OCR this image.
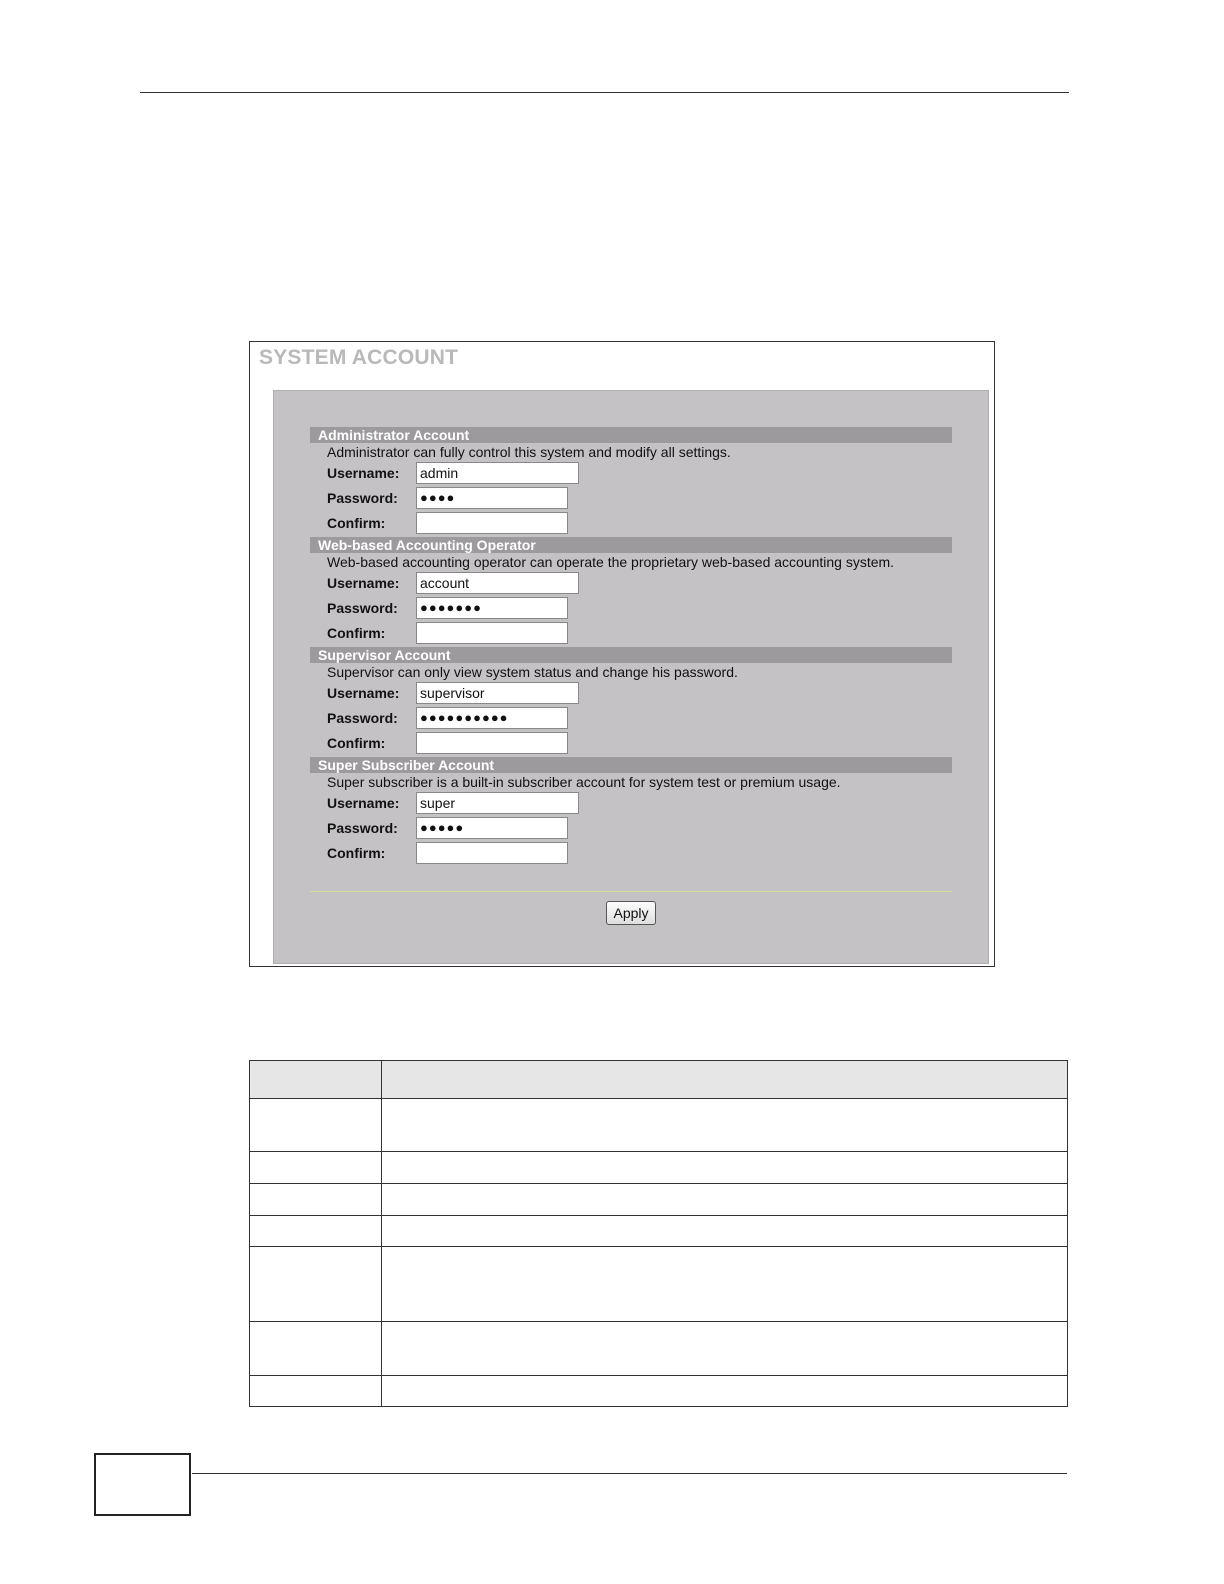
SYSTEM ACCOUNT
Administrator Account
Administrator can fully control this system and modify all settings.
Username: admin
Password:	●●●●
Confirm:
Web-based Accounting Operator
Web-based accounting operator can operate the proprietary web-based accounting system.
Username: account
Password:	●●●●●●●
Confirm:
Supervisor Account
Supervisor can only view system status and change his password.
Username: supervisor
Password:	●●●●●●●●●●
Confirm:
Super Subscriber Account
Super subscriber is a built-in subscriber account for system test or premium usage.
Username: super
Password:	●●●●●
Confirm:
Apply
